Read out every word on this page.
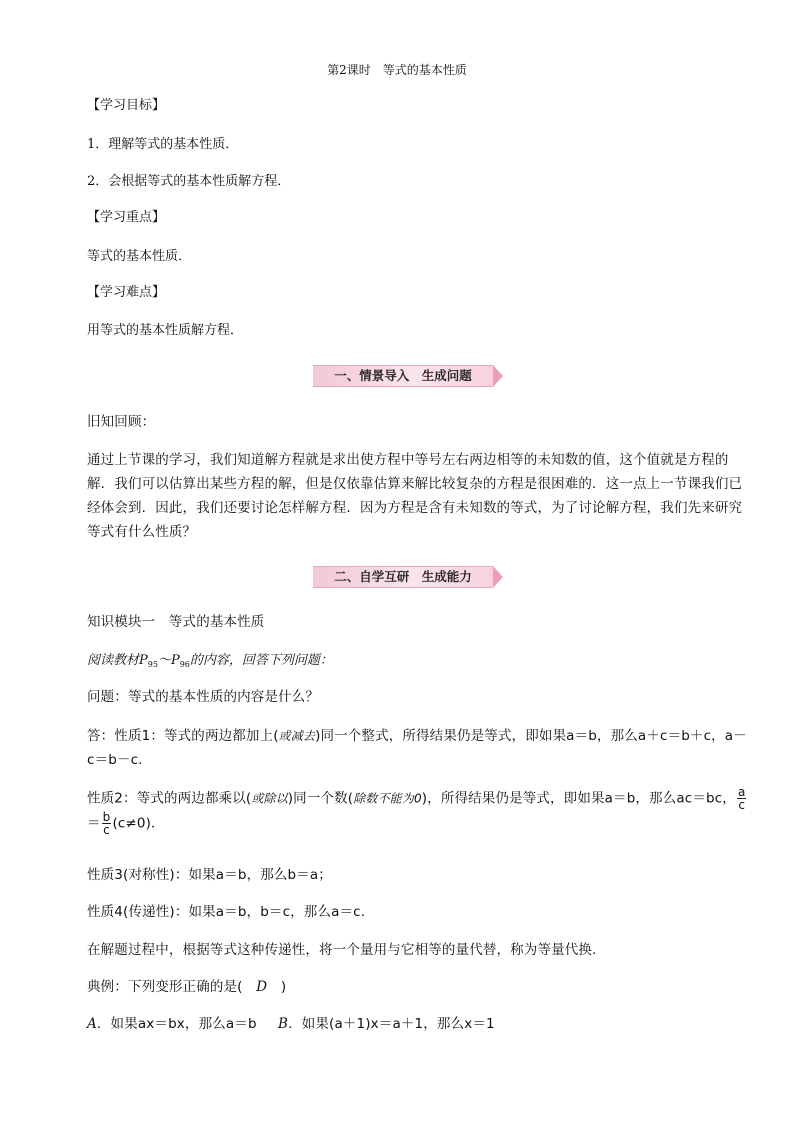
第2课时　等式的基本性质
【学习目标】
1．理解等式的基本性质．
2．会根据等式的基本性质解方程．
【学习重点】
等式的基本性质．
【学习难点】
用等式的基本性质解方程．
一、情景导入　生成问题
旧知回顾：
通过上节课的学习，我们知道解方程就是求出使方程中等号左右两边相等的未知数的值，这个值就是方程的解．我们可以估算出某些方程的解，但是仅依靠估算来解比较复杂的方程是很困难的．这一点上一节课我们已经体会到．因此，我们还要讨论怎样解方程．因为方程是含有未知数的等式，为了讨论解方程，我们先来研究等式有什么性质？
二、自学互研　生成能力
知识模块一　等式的基本性质
阅读教材$P_{95}\sim P_{96}$的内容，回答下列问题：
问题：等式的基本性质的内容是什么？
答：性质1：等式的两边都加上(或减去)同一个整式，所得结果仍是等式，即如果a＝b，那么a＋c＝b＋c，a－c＝b－c.
性质2：等式的两边都乘以(或除以)同一个数(除数不能为0)，所得结果仍是等式，即如果a＝b，那么ac＝bc， $\frac{a}{c}$
＝ $\frac{b}{c} (c\ne 0)$．
性质3(对称性)：如果a＝b，那么b＝a；
性质4(传递性)：如果a＝b，b＝c，那么a＝c.
在解题过程中，根据等式这种传递性，将一个量用与它相等的量代替，称为等量代换.
典例：下列变形正确的是(　D　)
A．如果ax＝bx，那么a＝b B．如果(a＋1)x＝a＋1，那么x＝1
